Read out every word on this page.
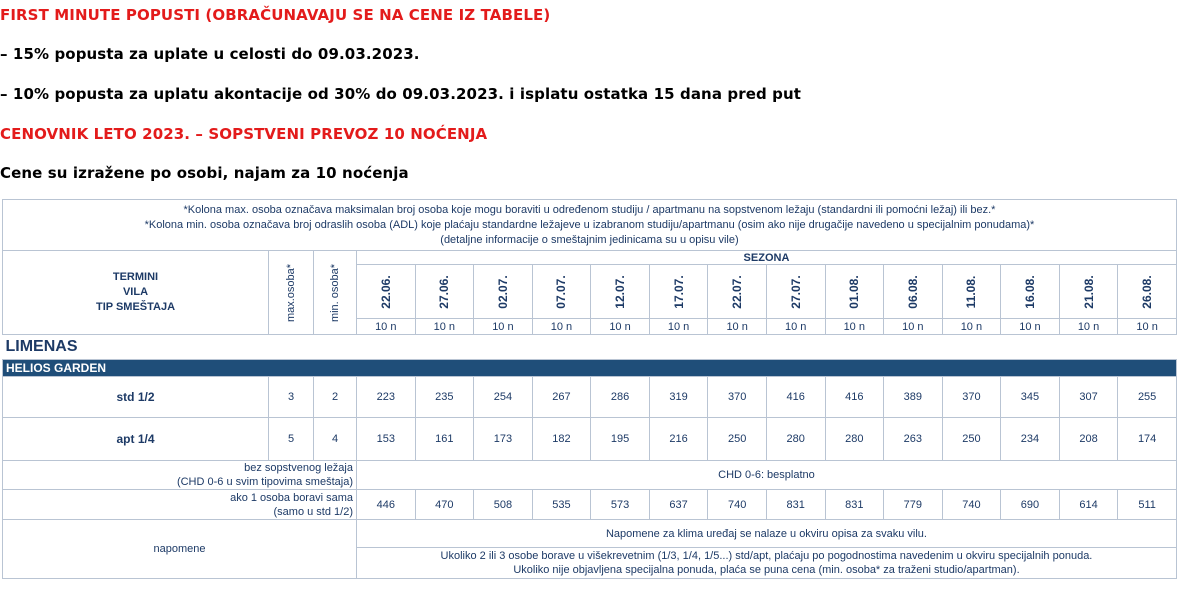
FIRST MINUTE POPUSTI (OBRAČUNAVAJU SE NA CENE IZ TABELE)
– 15% popusta za uplate u celosti do 09.03.2023.
– 10% popusta za uplatu akontacije od 30% do 09.03.2023. i isplatu ostatka 15 dana pred put
CENOVNIK LETO 2023. – SOPSTVENI PREVOZ 10 NOĆENJA
Cene su izražene po osobi, najam za 10 noćenja
*Kolona max. osoba označava maksimalan broj osoba koje mogu boraviti u određenom studiju / apartmanu na sopstvenom ležaju (standardni ili pomoćni ležaj) ili bez.*
*Kolona min. osoba označava broj odraslih osoba (ADL) koje plaćaju standardne ležajeve u izabranom studiju/apartmanu (osim ako nije drugačije navedeno u specijalnim ponudama)*
(detaljne informacije o smeštajnim jedinicama su u opisu vile)																

TERMINI
VILA
TIP SMEŠTAJA	max.osoba*	min. osoba*	SEZONA													

			22.06.	27.06.	02.07.	07.07.	12.07.	17.07.	22.07.	27.07.	01.08.	06.08.	11.08.	16.08.	21.08.	26.08.

			10 n	10 n	10 n	10 n	10 n	10 n	10 n	10 n	10 n	10 n	10 n	10 n	10 n	10 n
LIMENAS																
HELIOS GARDEN																
std 1/2	3	2	223	235	254	267	286	319	370	416	416	389	370	345	307	255
apt 1/4	5	4	153	161	173	182	195	216	250	280	280	263	250	234	208	174

bez sopstvenog ležaja
(CHD 0-6 u svim tipovima smeštaja)			CHD 0-6: besplatno													

ako 1 osoba boravi sama
(samo u std 1/2)			446	470	508	535	573	637	740	831	831	779	740	690	614	511
napomene			Napomene za klima uređaj se nalaze u okviru opisa za svaku vilu.													

			Ukoliko 2 ili 3 osobe borave u višekrevetnim (1/3, 1/4, 1/5...) std/apt, plaćaju po pogodnostima navedenim u okviru specijalnih ponuda.
Ukoliko nije objavljena specijalna ponuda, plaća se puna cena (min. osoba* za traženi studio/apartman).													
